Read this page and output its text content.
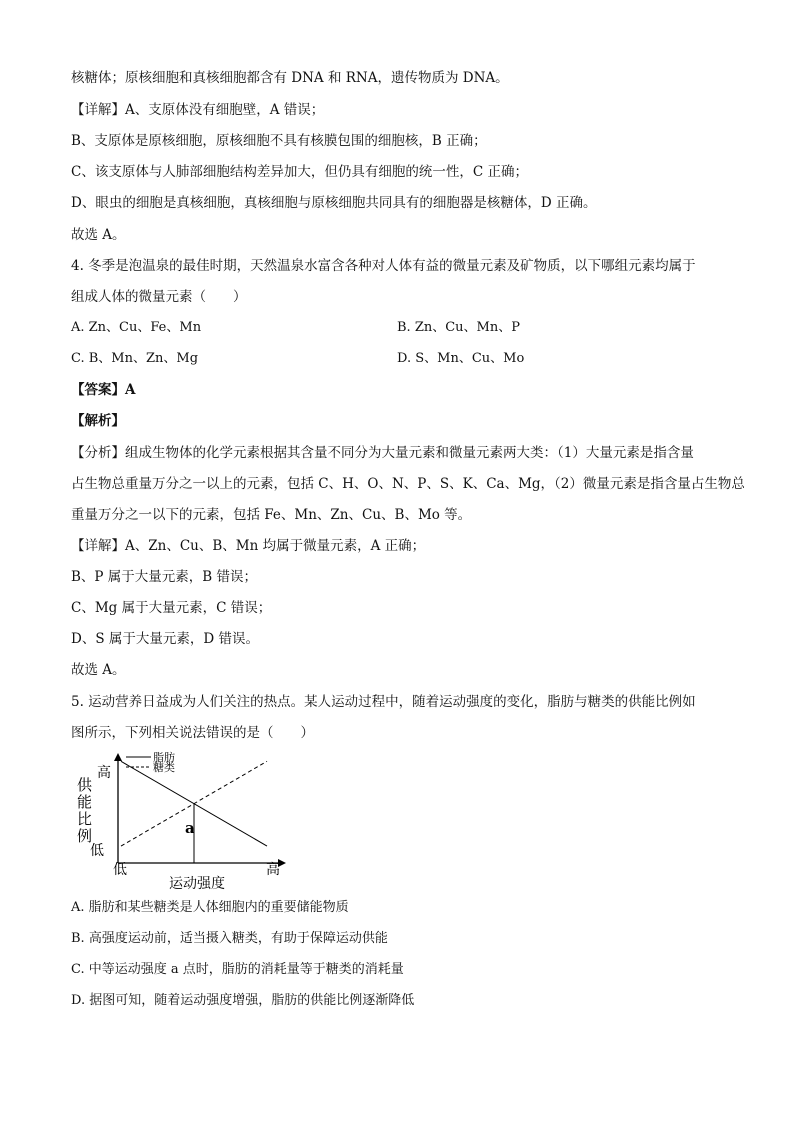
核糖体；原核细胞和真核细胞都含有 DNA 和 RNA，遗传物质为 DNA。
【详解】A、支原体没有细胞壁，A 错误；
B、支原体是原核细胞，原核细胞不具有核膜包围的细胞核，B 正确；
C、该支原体与人肺部细胞结构差异加大，但仍具有细胞的统一性，C 正确；
D、眼虫的细胞是真核细胞，真核细胞与原核细胞共同具有的细胞器是核糖体，D 正确。
故选 A。
4. 冬季是泡温泉的最佳时期，天然温泉水富含各种对人体有益的微量元素及矿物质，以下哪组元素均属于
组成人体的微量元素（　　）
A. Zn、Cu、Fe、Mn	B. Zn、Cu、Mn、P
C. B、Mn、Zn、Mg	D. S、Mn、Cu、Mo
【答案】A
【解析】
【分析】组成生物体的化学元素根据其含量不同分为大量元素和微量元素两大类：（1）大量元素是指含量
占生物总重量万分之一以上的元素，包括 C、H、O、N、P、S、K、Ca、Mg，（2）微量元素是指含量占生物总
重量万分之一以下的元素，包括 Fe、Mn、Zn、Cu、B、Mo 等。
【详解】A、Zn、Cu、B、Mn 均属于微量元素，A 正确；
B、P 属于大量元素，B 错误；
C、Mg 属于大量元素，C 错误；
D、S 属于大量元素，D 错误。
故选 A。
5. 运动营养日益成为人们关注的热点。某人运动过程中，随着运动强度的变化，脂肪与糖类的供能比例如
图所示，下列相关说法错误的是（　　）
脂肪
糖类
高
低
低	高
供
能
比
例
运动强度
a
A. 脂肪和某些糖类是人体细胞内的重要储能物质
B. 高强度运动前，适当摄入糖类，有助于保障运动供能
C. 中等运动强度 a 点时，脂肪的消耗量等于糖类的消耗量
D. 据图可知，随着运动强度增强，脂肪的供能比例逐渐降低
